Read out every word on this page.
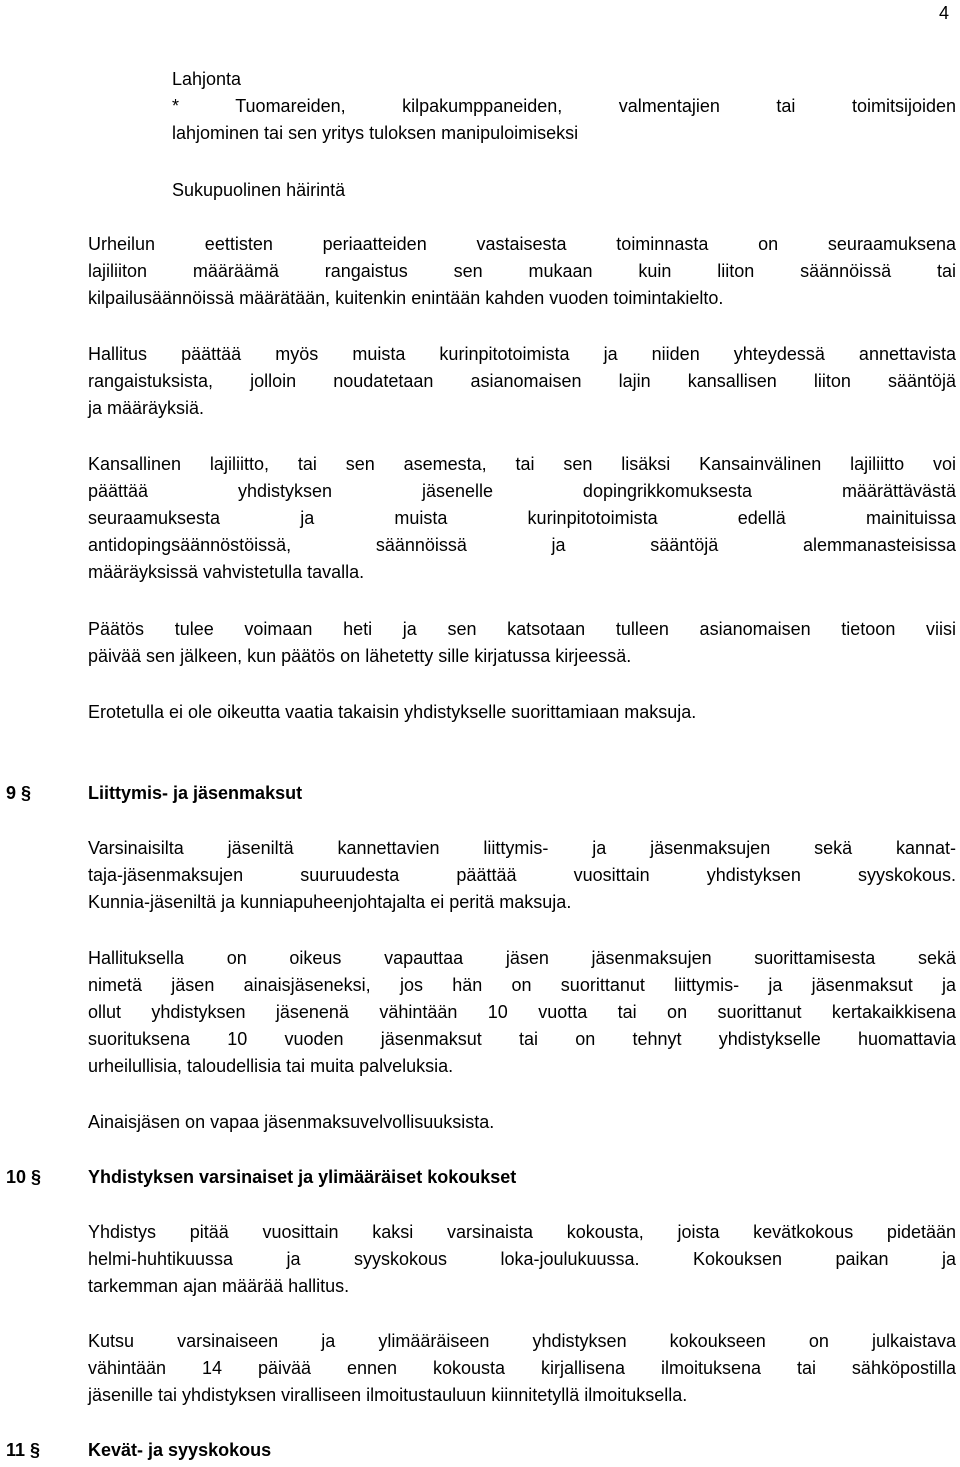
4
Lahjonta
* Tuomareiden, kilpakumppaneiden, valmentajien tai toimitsijoiden
lahjominen tai sen yritys tuloksen manipuloimiseksi
Sukupuolinen häirintä
Urheilun eettisten periaatteiden vastaisesta toiminnasta on seuraamuksena
lajiliiton määräämä rangaistus sen mukaan kuin liiton säännöissä tai
kilpailusäännöissä määrätään, kuitenkin enintään kahden vuoden toimintakielto.
Hallitus päättää myös muista kurinpitotoimista ja niiden yhteydessä annettavista
rangaistuksista, jolloin noudatetaan asianomaisen lajin kansallisen liiton sääntöjä
ja määräyksiä.
Kansallinen lajiliitto, tai sen asemesta, tai sen lisäksi Kansainvälinen lajiliitto voi
päättää yhdistyksen jäsenelle dopingrikkomuksesta määrättävästä
seuraamuksesta ja muista kurinpitotoimista edellä mainituissa
antidopingsäännöstöissä, säännöissä ja sääntöjä alemmanasteisissa
määräyksissä vahvistetulla tavalla.
Päätös tulee voimaan heti ja sen katsotaan tulleen asianomaisen tietoon viisi
päivää sen jälkeen, kun päätös on lähetetty sille kirjatussa kirjeessä.
Erotetulla ei ole oikeutta vaatia takaisin yhdistykselle suorittamiaan maksuja.
9 §	Liittymis- ja jäsenmaksut
Varsinaisilta jäseniltä kannettavien liittymis- ja jäsenmaksujen sekä kannat-
taja-jäsenmaksujen suuruudesta päättää vuosittain yhdistyksen syyskokous.
Kunnia-jäseniltä ja kunniapuheenjohtajalta ei peritä maksuja.
Hallituksella on oikeus vapauttaa jäsen jäsenmaksujen suorittamisesta sekä
nimetä jäsen ainaisjäseneksi, jos hän on suorittanut liittymis- ja jäsenmaksut ja
ollut yhdistyksen jäsenenä vähintään 10 vuotta tai on suorittanut kertakaikkisena
suorituksena 10 vuoden jäsenmaksut tai on tehnyt yhdistykselle huomattavia
urheilullisia, taloudellisia tai muita palveluksia.
Ainaisjäsen on vapaa jäsenmaksuvelvollisuuksista.
10 §	Yhdistyksen varsinaiset ja ylimääräiset kokoukset
Yhdistys pitää vuosittain kaksi varsinaista kokousta, joista kevätkokous pidetään
helmi-huhtikuussa ja syyskokous loka-joulukuussa. Kokouksen paikan ja
tarkemman ajan määrää hallitus.
Kutsu varsinaiseen ja ylimääräiseen yhdistyksen kokoukseen on julkaistava
vähintään 14 päivää ennen kokousta kirjallisena ilmoituksena tai sähköpostilla
jäsenille tai yhdistyksen viralliseen ilmoitustauluun kiinnitetyllä ilmoituksella.
11 §	Kevät- ja syyskokous
